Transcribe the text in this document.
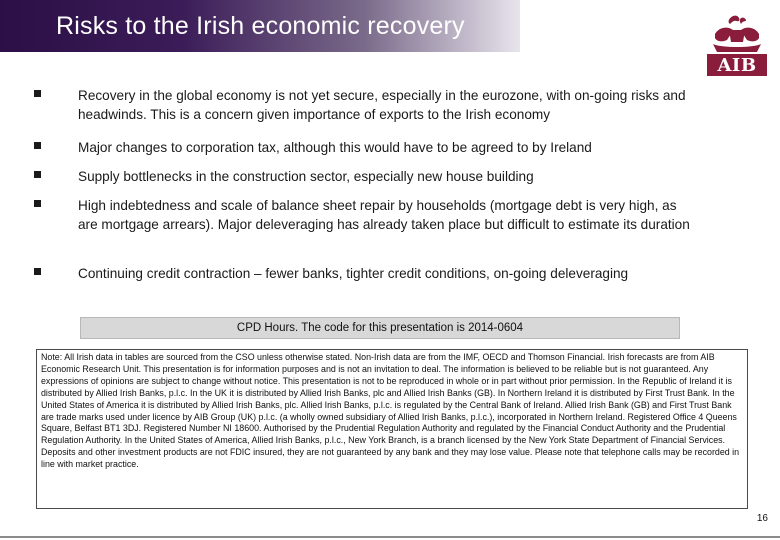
Risks to the Irish economic recovery
AIB
Recovery in the global economy is not yet secure, especially in the eurozone, with on-going risks and headwinds. This is a concern given importance of exports to the Irish economy
Major changes to corporation tax, although this would have to be agreed to by Ireland
Supply bottlenecks in the construction sector, especially new house building
High indebtedness and scale of balance sheet repair by households (mortgage debt is very high, as are mortgage arrears). Major deleveraging has already taken place but difficult to estimate its duration
Continuing credit contraction – fewer banks, tighter credit conditions, on-going deleveraging
CPD Hours. The code for this presentation is 2014-0604
Note: All Irish data in tables are sourced from the CSO unless otherwise stated. Non-Irish data are from the IMF, OECD and Thomson Financial. Irish forecasts are from AIB Economic Research Unit. This presentation is for information purposes and is not an invitation to deal. The information is believed to be reliable but is not guaranteed. Any expressions of opinions are subject to change without notice. This presentation is not to be reproduced in whole or in part without prior permission. In the Republic of Ireland it is distributed by Allied Irish Banks, p.l.c. In the UK it is distributed by Allied Irish Banks, plc and Allied Irish Banks (GB). In Northern Ireland it is distributed by First Trust Bank. In the United States of America it is distributed by Allied Irish Banks, plc. Allied Irish Banks, p.l.c. is regulated by the Central Bank of Ireland. Allied Irish Bank (GB) and First Trust Bank are trade marks used under licence by AIB Group (UK) p.l.c. (a wholly owned subsidiary of Allied Irish Banks, p.l.c.), incorporated in Northern Ireland. Registered Office 4 Queens Square, Belfast BT1 3DJ. Registered Number NI 18600. Authorised by the Prudential Regulation Authority and regulated by the Financial Conduct Authority and the Prudential Regulation Authority. In the United States of America, Allied Irish Banks, p.l.c., New York Branch, is a branch licensed by the New York State Department of Financial Services. Deposits and other investment products are not FDIC insured, they are not guaranteed by any bank and they may lose value. Please note that telephone calls may be recorded in line with market practice.
16
